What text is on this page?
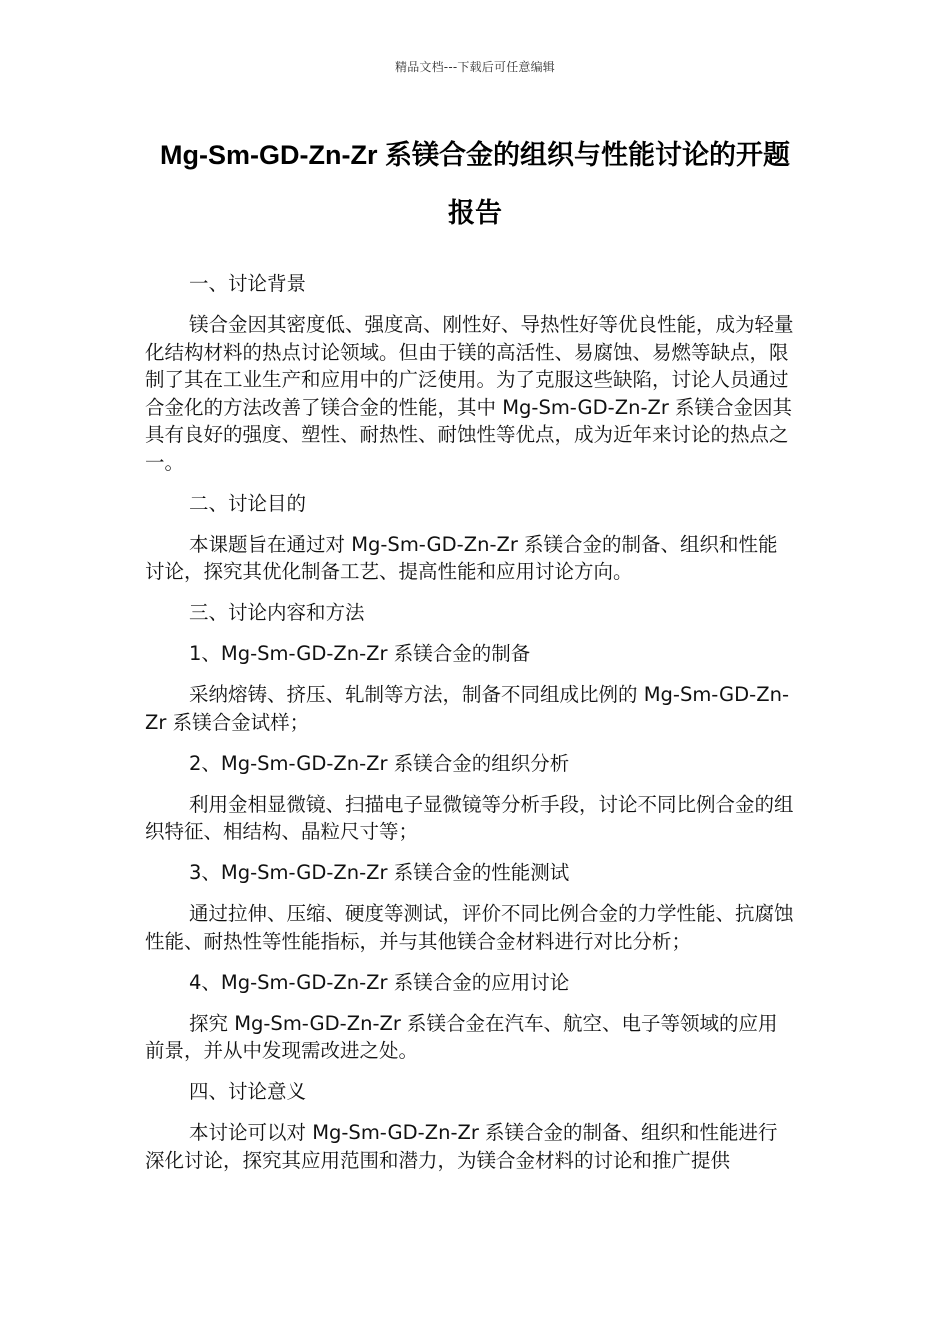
精品文档---下载后可任意编辑
Mg-Sm-GD-Zn-Zr 系镁合金的组织与性能讨论的开题
报告

一、讨论背景

镁合金因其密度低、强度高、刚性好、导热性好等优良性能，成为轻量化结构材料的热点讨论领域。但由于镁的高活性、易腐蚀、易燃等缺点，限制了其在工业生产和应用中的广泛使用。为了克服这些缺陷，讨论人员通过合金化的方法改善了镁合金的性能，其中 Mg-Sm-GD-Zn-Zr 系镁合金因其具有良好的强度、塑性、耐热性、耐蚀性等优点，成为近年来讨论的热点之一。

二、讨论目的

本课题旨在通过对 Mg-Sm-GD-Zn-Zr 系镁合金的制备、组织和性能讨论，探究其优化制备工艺、提高性能和应用讨论方向。

三、讨论内容和方法

1、Mg-Sm-GD-Zn-Zr 系镁合金的制备

采纳熔铸、挤压、轧制等方法，制备不同组成比例的 Mg-Sm-GD-Zn-Zr 系镁合金试样；

2、Mg-Sm-GD-Zn-Zr 系镁合金的组织分析

利用金相显微镜、扫描电子显微镜等分析手段，讨论不同比例合金的组织特征、相结构、晶粒尺寸等；

3、Mg-Sm-GD-Zn-Zr 系镁合金的性能测试

通过拉伸、压缩、硬度等测试，评价不同比例合金的力学性能、抗腐蚀性能、耐热性等性能指标，并与其他镁合金材料进行对比分析；

4、Mg-Sm-GD-Zn-Zr 系镁合金的应用讨论

探究 Mg-Sm-GD-Zn-Zr 系镁合金在汽车、航空、电子等领域的应用前景，并从中发现需改进之处。

四、讨论意义

本讨论可以对 Mg-Sm-GD-Zn-Zr 系镁合金的制备、组织和性能进行深化讨论，探究其应用范围和潜力，为镁合金材料的讨论和推广提供
